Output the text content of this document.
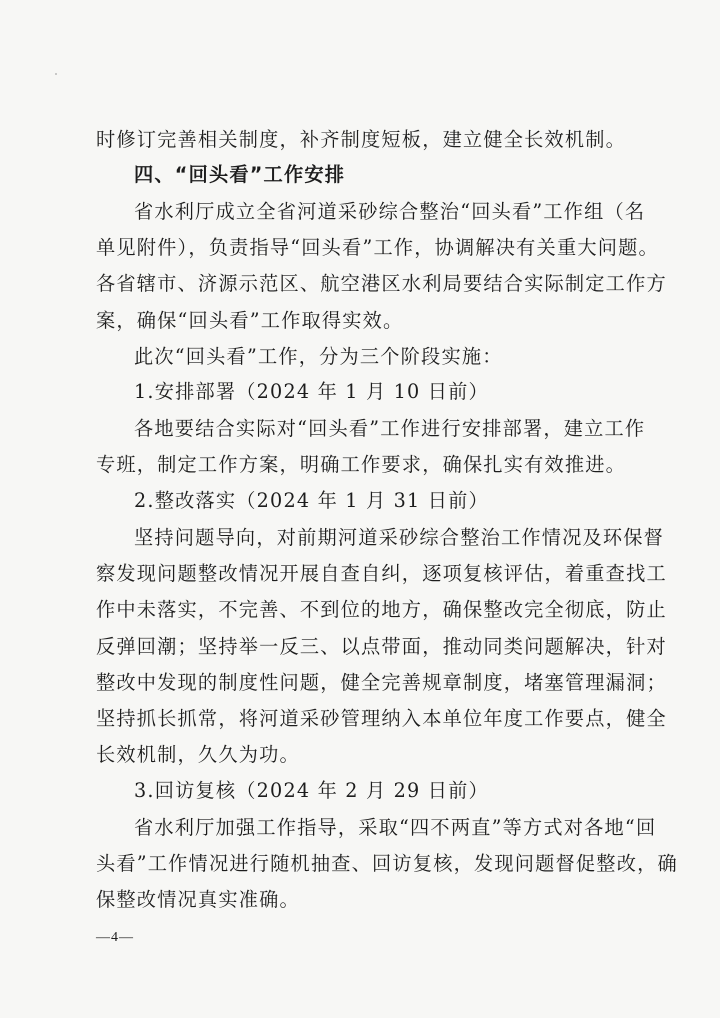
时修订完善相关制度，补齐制度短板，建立健全长效机制。
四、“回头看”工作安排
省水利厅成立全省河道采砂综合整治“回头看”工作组（名
单见附件），负责指导“回头看”工作，协调解决有关重大问题。
各省辖市、济源示范区、航空港区水利局要结合实际制定工作方
案，确保“回头看”工作取得实效。
此次“回头看”工作，分为三个阶段实施：
1.安排部署（2024 年 1 月 10 日前）
各地要结合实际对“回头看”工作进行安排部署，建立工作
专班，制定工作方案，明确工作要求，确保扎实有效推进。
2.整改落实（2024 年 1 月 31 日前）
坚持问题导向，对前期河道采砂综合整治工作情况及环保督
察发现问题整改情况开展自查自纠，逐项复核评估，着重查找工
作中未落实，不完善、不到位的地方，确保整改完全彻底，防止
反弹回潮；坚持举一反三、以点带面，推动同类问题解决，针对
整改中发现的制度性问题，健全完善规章制度，堵塞管理漏洞；
坚持抓长抓常，将河道采砂管理纳入本单位年度工作要点，健全
长效机制，久久为功。
3.回访复核（2024 年 2 月 29 日前）
省水利厅加强工作指导，采取“四不两直”等方式对各地“回
头看”工作情况进行随机抽查、回访复核，发现问题督促整改，确
保整改情况真实准确。
—4—
